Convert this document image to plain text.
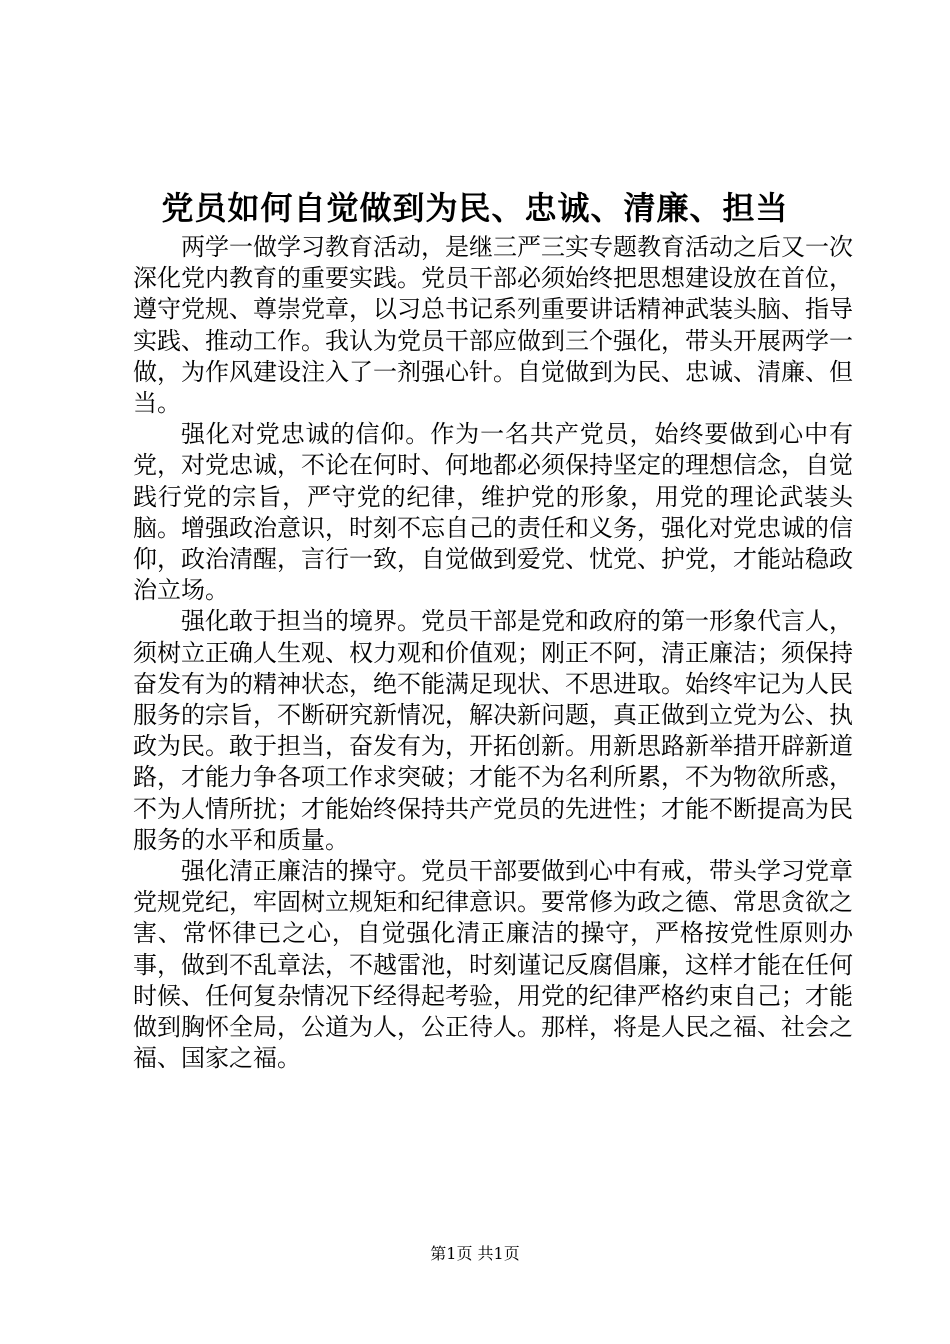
党员如何自觉做到为民、忠诚、清廉、担当

两学一做学习教育活动，是继三严三实专题教育活动之后又一次深化党内教育的重要实践。党员干部必须始终把思想建设放在首位，遵守党规、尊崇党章，以习总书记系列重要讲话精神武装头脑、指导实践、推动工作。我认为党员干部应做到三个强化，带头开展两学一做，为作风建设注入了一剂强心针。自觉做到为民、忠诚、清廉、但当。

强化对党忠诚的信仰。作为一名共产党员，始终要做到心中有党，对党忠诚，不论在何时、何地都必须保持坚定的理想信念，自觉践行党的宗旨，严守党的纪律，维护党的形象，用党的理论武装头脑。增强政治意识，时刻不忘自己的责任和义务，强化对党忠诚的信仰，政治清醒，言行一致，自觉做到爱党、忧党、护党，才能站稳政治立场。

强化敢于担当的境界。党员干部是党和政府的第一形象代言人，须树立正确人生观、权力观和价值观；刚正不阿，清正廉洁；须保持奋发有为的精神状态，绝不能满足现状、不思进取。始终牢记为人民服务的宗旨，不断研究新情况，解决新问题，真正做到立党为公、执政为民。敢于担当，奋发有为，开拓创新。用新思路新举措开辟新道路，才能力争各项工作求突破；才能不为名利所累，不为物欲所惑，不为人情所扰；才能始终保持共产党员的先进性；才能不断提高为民服务的水平和质量。

强化清正廉洁的操守。党员干部要做到心中有戒，带头学习党章党规党纪，牢固树立规矩和纪律意识。要常修为政之德、常思贪欲之害、常怀律已之心，自觉强化清正廉洁的操守，严格按党性原则办事，做到不乱章法，不越雷池，时刻谨记反腐倡廉，这样才能在任何时候、任何复杂情况下经得起考验，用党的纪律严格约束自己；才能做到胸怀全局，公道为人，公正待人。那样，将是人民之福、社会之福、国家之福。

第1页 共1页
